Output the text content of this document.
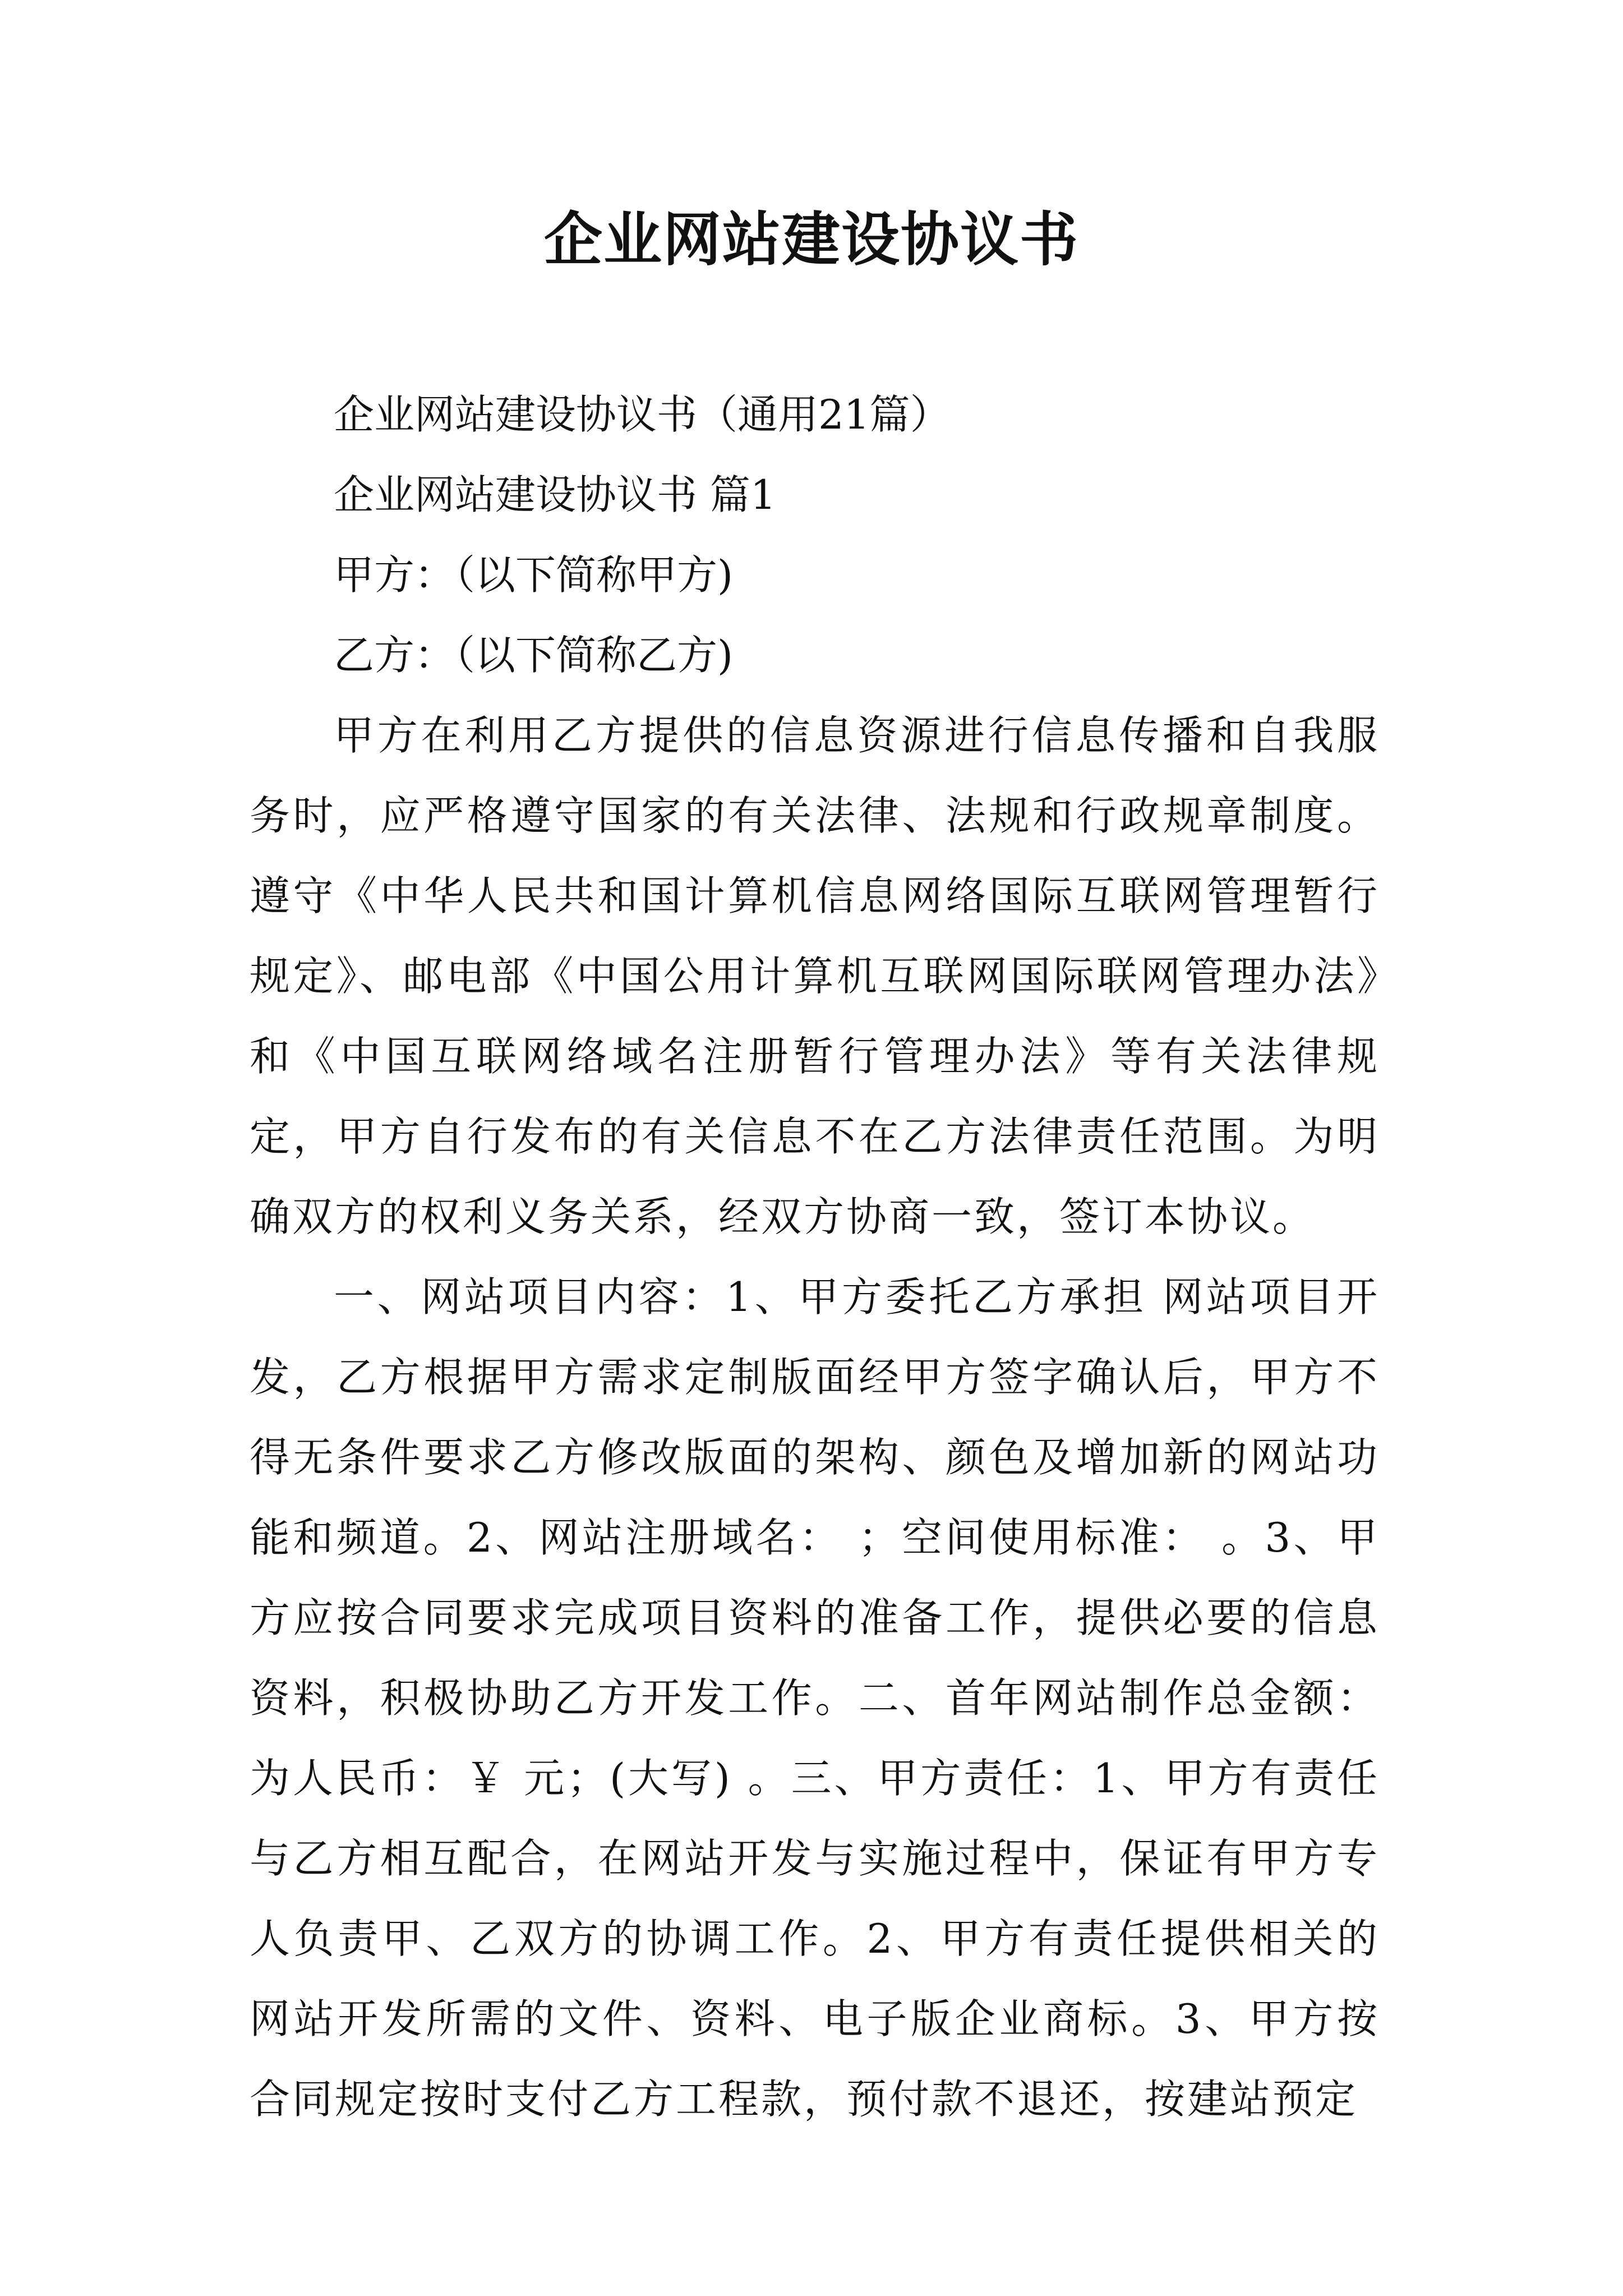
企业网站建设协议书
企业网站建设协议书（通用21篇）
企业网站建设协议书 篇1
甲方：（以下简称甲方)
乙方：（以下简称乙方)

甲方在利用乙方提供的信息资源进行信息传播和自我服务时，应严格遵守国家的有关法律、法规和行政规章制度。遵守《中华人民共和国计算机信息网络国际互联网管理暂行规定》、邮电部《中国公用计算机互联网国际联网管理办法》和《中国互联网络域名注册暂行管理办法》等有关法律规定，甲方自行发布的有关信息不在乙方法律责任范围。为明确双方的权利义务关系，经双方协商一致，签订本协议。

一、网站项目内容：1、甲方委托乙方承担 网站项目开发，乙方根据甲方需求定制版面经甲方签字确认后，甲方不得无条件要求乙方修改版面的架构、颜色及增加新的网站功能和频道。2、网站注册域名： ；空间使用标准： 。3、甲方应按合同要求完成项目资料的准备工作，提供必要的信息资料，积极协助乙方开发工作。二、首年网站制作总金额：为人民币：￥ 元；(大写) 。三、甲方责任：1、甲方有责任与乙方相互配合，在网站开发与实施过程中，保证有甲方专人负责甲、乙双方的协调工作。2、甲方有责任提供相关的网站开发所需的文件、资料、电子版企业商标。3、甲方按合同规定按时支付乙方工程款，预付款不退还，按建站预定
